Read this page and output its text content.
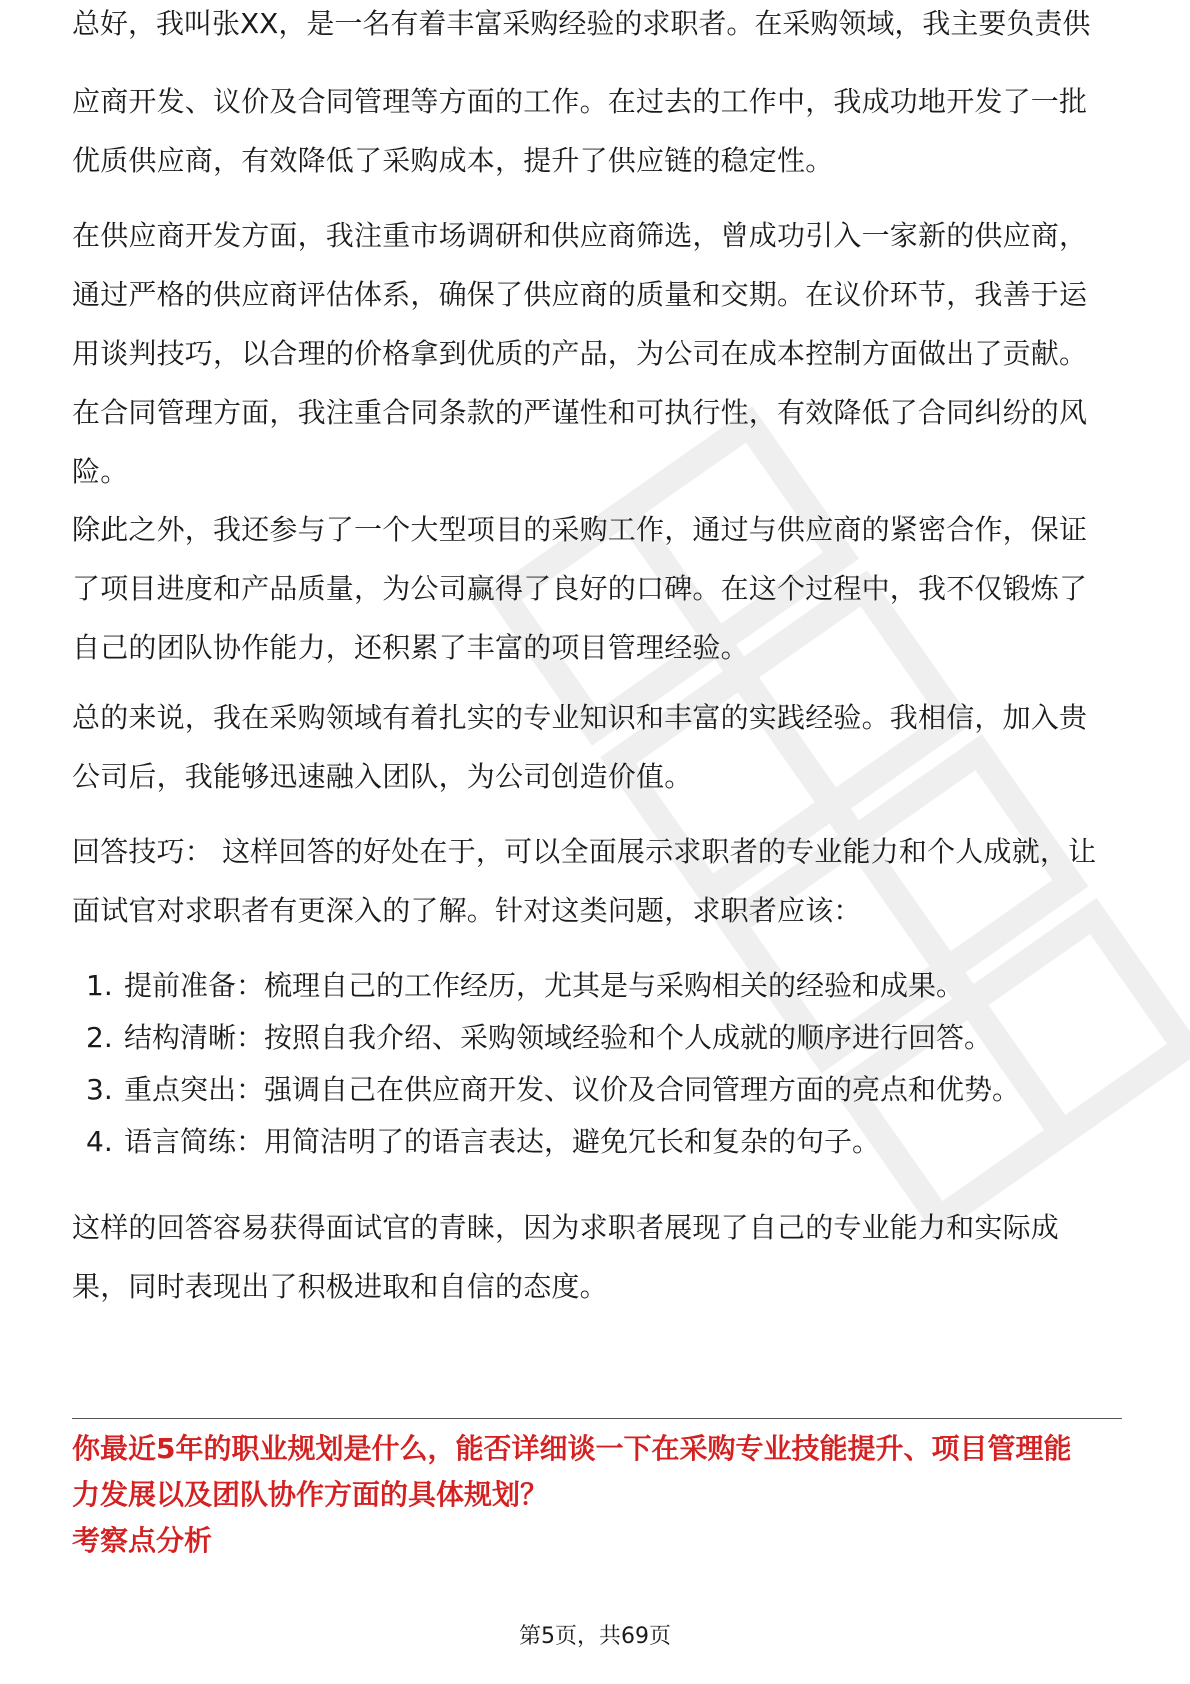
总好，我叫张XX，是一名有着丰富采购经验的求职者。在采购领域，我主要负责供
应商开发、议价及合同管理等方面的工作。在过去的工作中，我成功地开发了一批
优质供应商，有效降低了采购成本，提升了供应链的稳定性。
在供应商开发方面，我注重市场调研和供应商筛选，曾成功引入一家新的供应商，
通过严格的供应商评估体系，确保了供应商的质量和交期。在议价环节，我善于运
用谈判技巧，以合理的价格拿到优质的产品，为公司在成本控制方面做出了贡献。
在合同管理方面，我注重合同条款的严谨性和可执行性，有效降低了合同纠纷的风
险。
除此之外，我还参与了一个大型项目的采购工作，通过与供应商的紧密合作，保证
了项目进度和产品质量，为公司赢得了良好的口碑。在这个过程中，我不仅锻炼了
自己的团队协作能力，还积累了丰富的项目管理经验。
总的来说，我在采购领域有着扎实的专业知识和丰富的实践经验。我相信，加入贵
公司后，我能够迅速融入团队，为公司创造价值。
回答技巧： 这样回答的好处在于，可以全面展示求职者的专业能力和个人成就，让
面试官对求职者有更深入的了解。针对这类问题，求职者应该：
1. 提前准备：梳理自己的工作经历，尤其是与采购相关的经验和成果。
2. 结构清晰：按照自我介绍、采购领域经验和个人成就的顺序进行回答。
3. 重点突出：强调自己在供应商开发、议价及合同管理方面的亮点和优势。
4. 语言简练：用简洁明了的语言表达，避免冗长和复杂的句子。
这样的回答容易获得面试官的青睐，因为求职者展现了自己的专业能力和实际成
果，同时表现出了积极进取和自信的态度。
你最近5年的职业规划是什么，能否详细谈一下在采购专业技能提升、项目管理能
力发展以及团队协作方面的具体规划？
考察点分析
第5页，共69页
